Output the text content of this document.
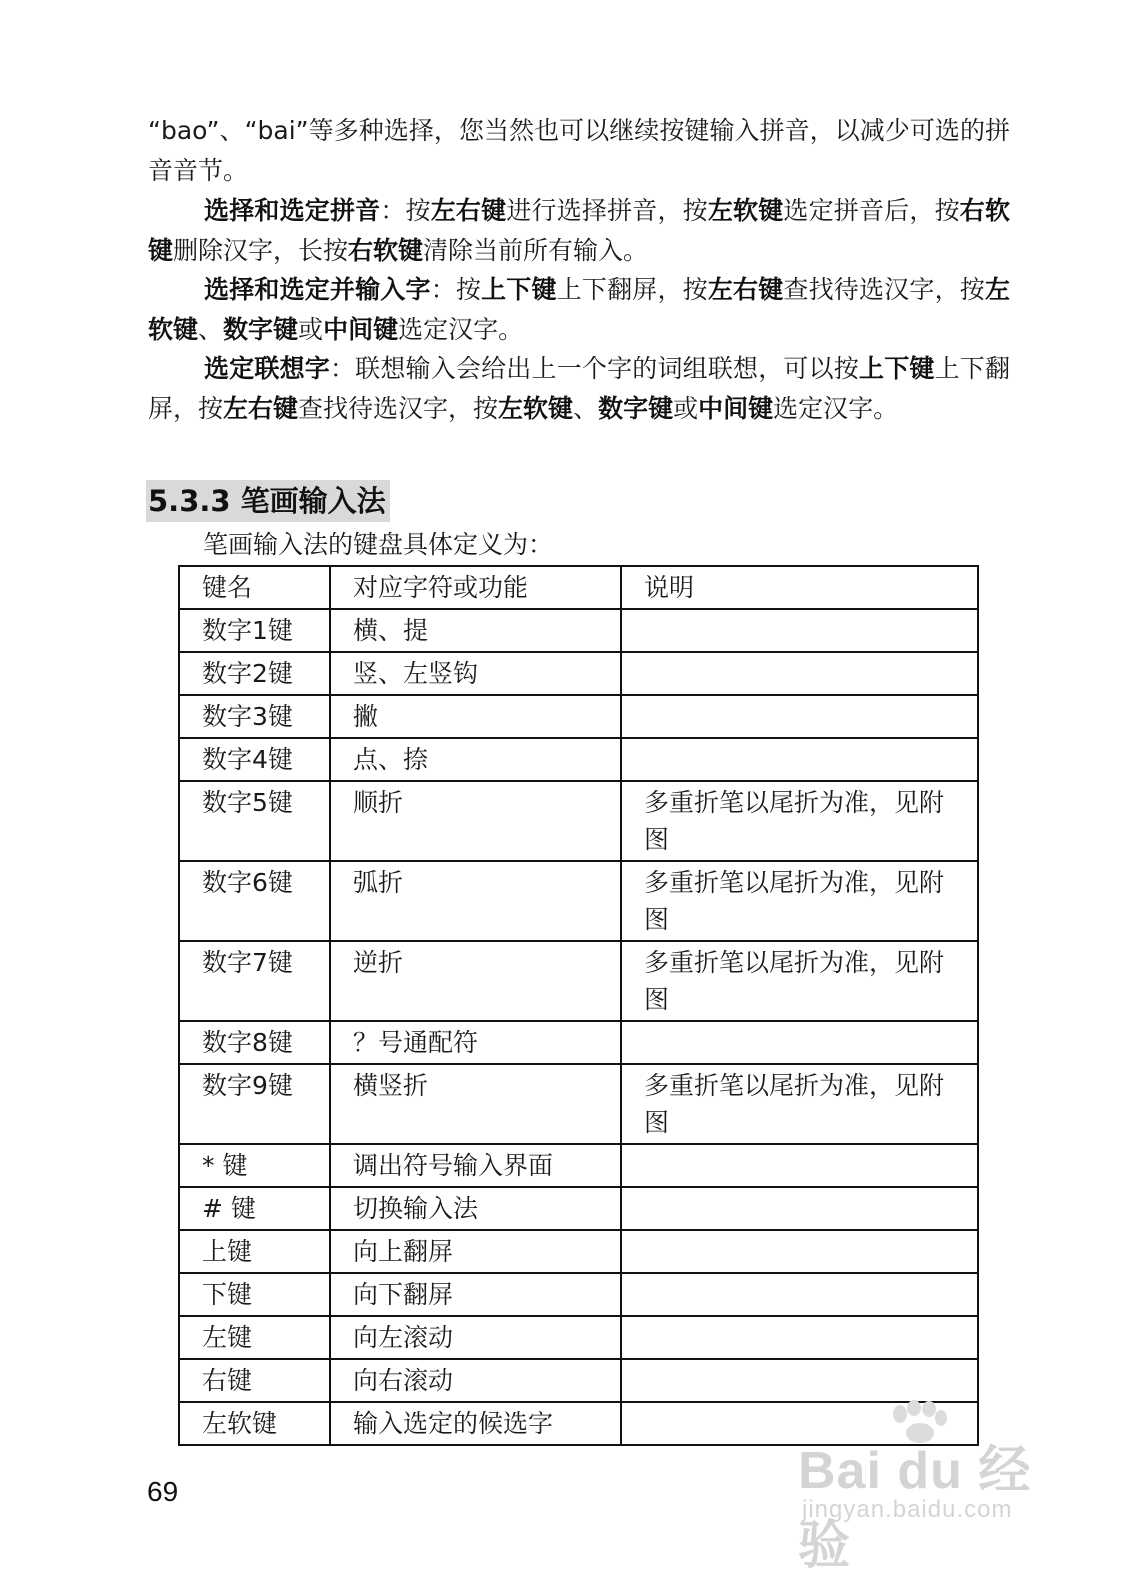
“bao”、“bai”等多种选择，您当然也可以继续按键输入拼音，以减少可选的拼音音节。

选择和选定拼音：按左右键进行选择拼音，按左软键选定拼音后，按右软键删除汉字，长按右软键清除当前所有输入。

选择和选定并输入字：按上下键上下翻屏，按左右键查找待选汉字，按左软键、数字键或中间键选定汉字。

选定联想字：联想输入会给出上一个字的词组联想，可以按上下键上下翻屏，按左右键查找待选汉字，按左软键、数字键或中间键选定汉字。

5.3.3 笔画输入法
笔画输入法的键盘具体定义为：
键名	对应字符或功能	说明
数字1键	横、提	
数字2键	竖、左竖钩	
数字3键	撇	
数字4键	点、捺	
数字5键	顺折	多重折笔以尾折为准，见附图
数字6键	弧折	多重折笔以尾折为准，见附图
数字7键	逆折	多重折笔以尾折为准，见附图
数字8键	？号通配符	
数字9键	横竖折	多重折笔以尾折为准，见附图
* 键	调出符号输入界面	
# 键	切换输入法	
上键	向上翻屏	
下键	向下翻屏	
左键	向左滚动	
右键	向右滚动	
左软键	输入选定的候选字	
69	Bai du 经验
jingyan.baidu.com
